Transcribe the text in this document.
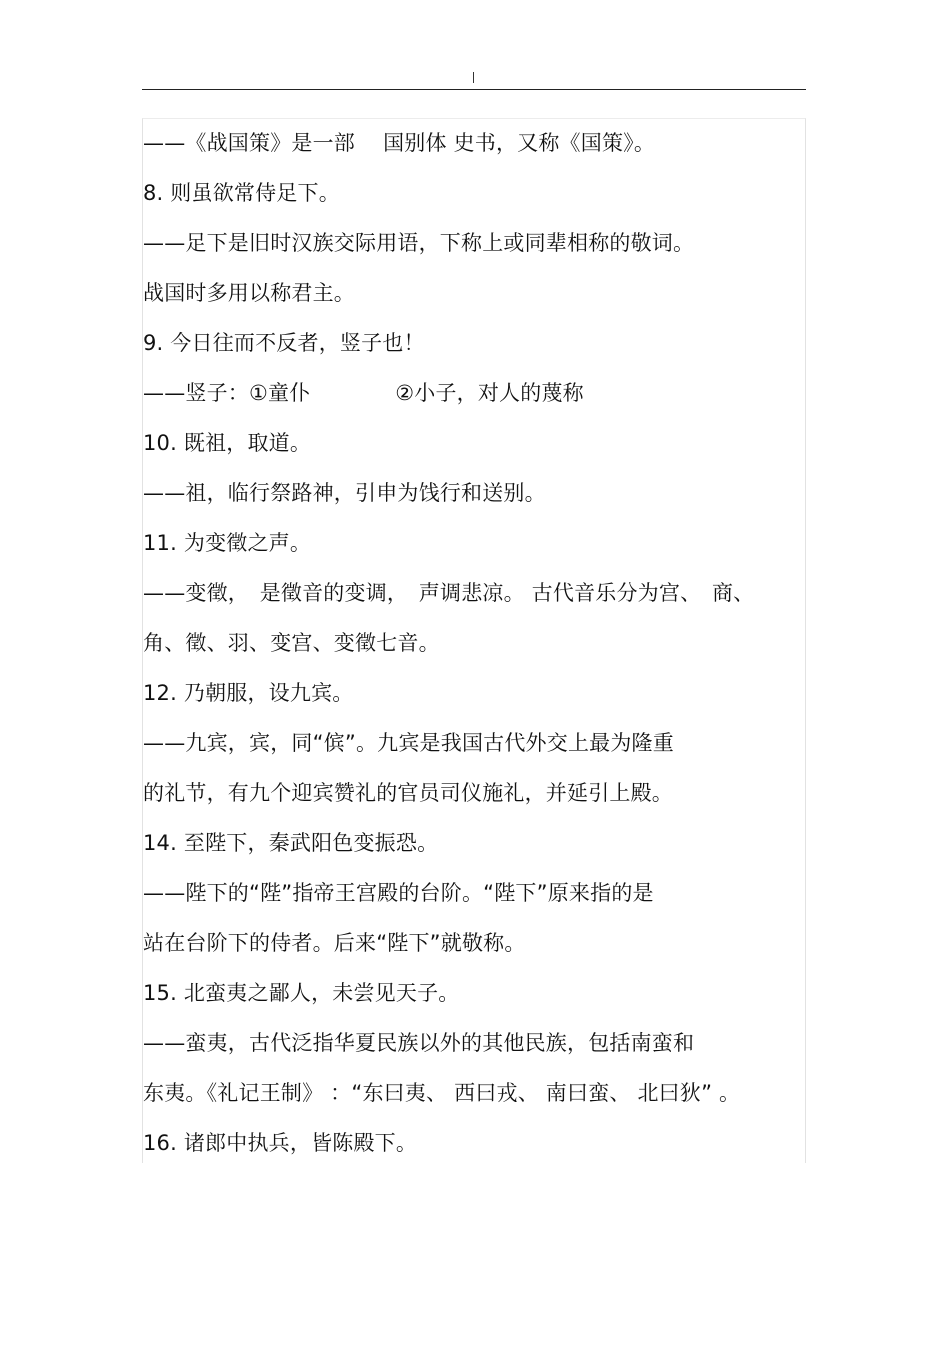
——《战国策》是一部　 国别体 史书，又称《国策》。
8. 则虽欲常侍足下。
——足下是旧时汉族交际用语，下称上或同辈相称的敬词。
战国时多用以称君主。
9. 今日往而不反者，竖子也！
——竖子：①童仆　　　　②小子，对人的蔑称
10. 既祖，取道。
——祖，临行祭路神，引申为饯行和送别。
11. 为变徵之声。
——变徵，　是徵音的变调，　声调悲凉。 古代音乐分为宫、　商、
角、徵、羽、变宫、变徵七音。
12. 乃朝服，设九宾。
——九宾，宾，同“傧”。九宾是我国古代外交上最为隆重
的礼节，有九个迎宾赞礼的官员司仪施礼，并延引上殿。
14. 至陛下，秦武阳色变振恐。
——陛下的“陛”指帝王宫殿的台阶。“陛下”原来指的是
站在台阶下的侍者。后来“陛下”就敬称。
15. 北蛮夷之鄙人，未尝见天子。
——蛮夷，古代泛指华夏民族以外的其他民族，包括南蛮和
东夷。《礼记王制》 ：“东曰夷、 西曰戎、 南曰蛮、 北曰狄” 。
16. 诸郎中执兵，皆陈殿下。
